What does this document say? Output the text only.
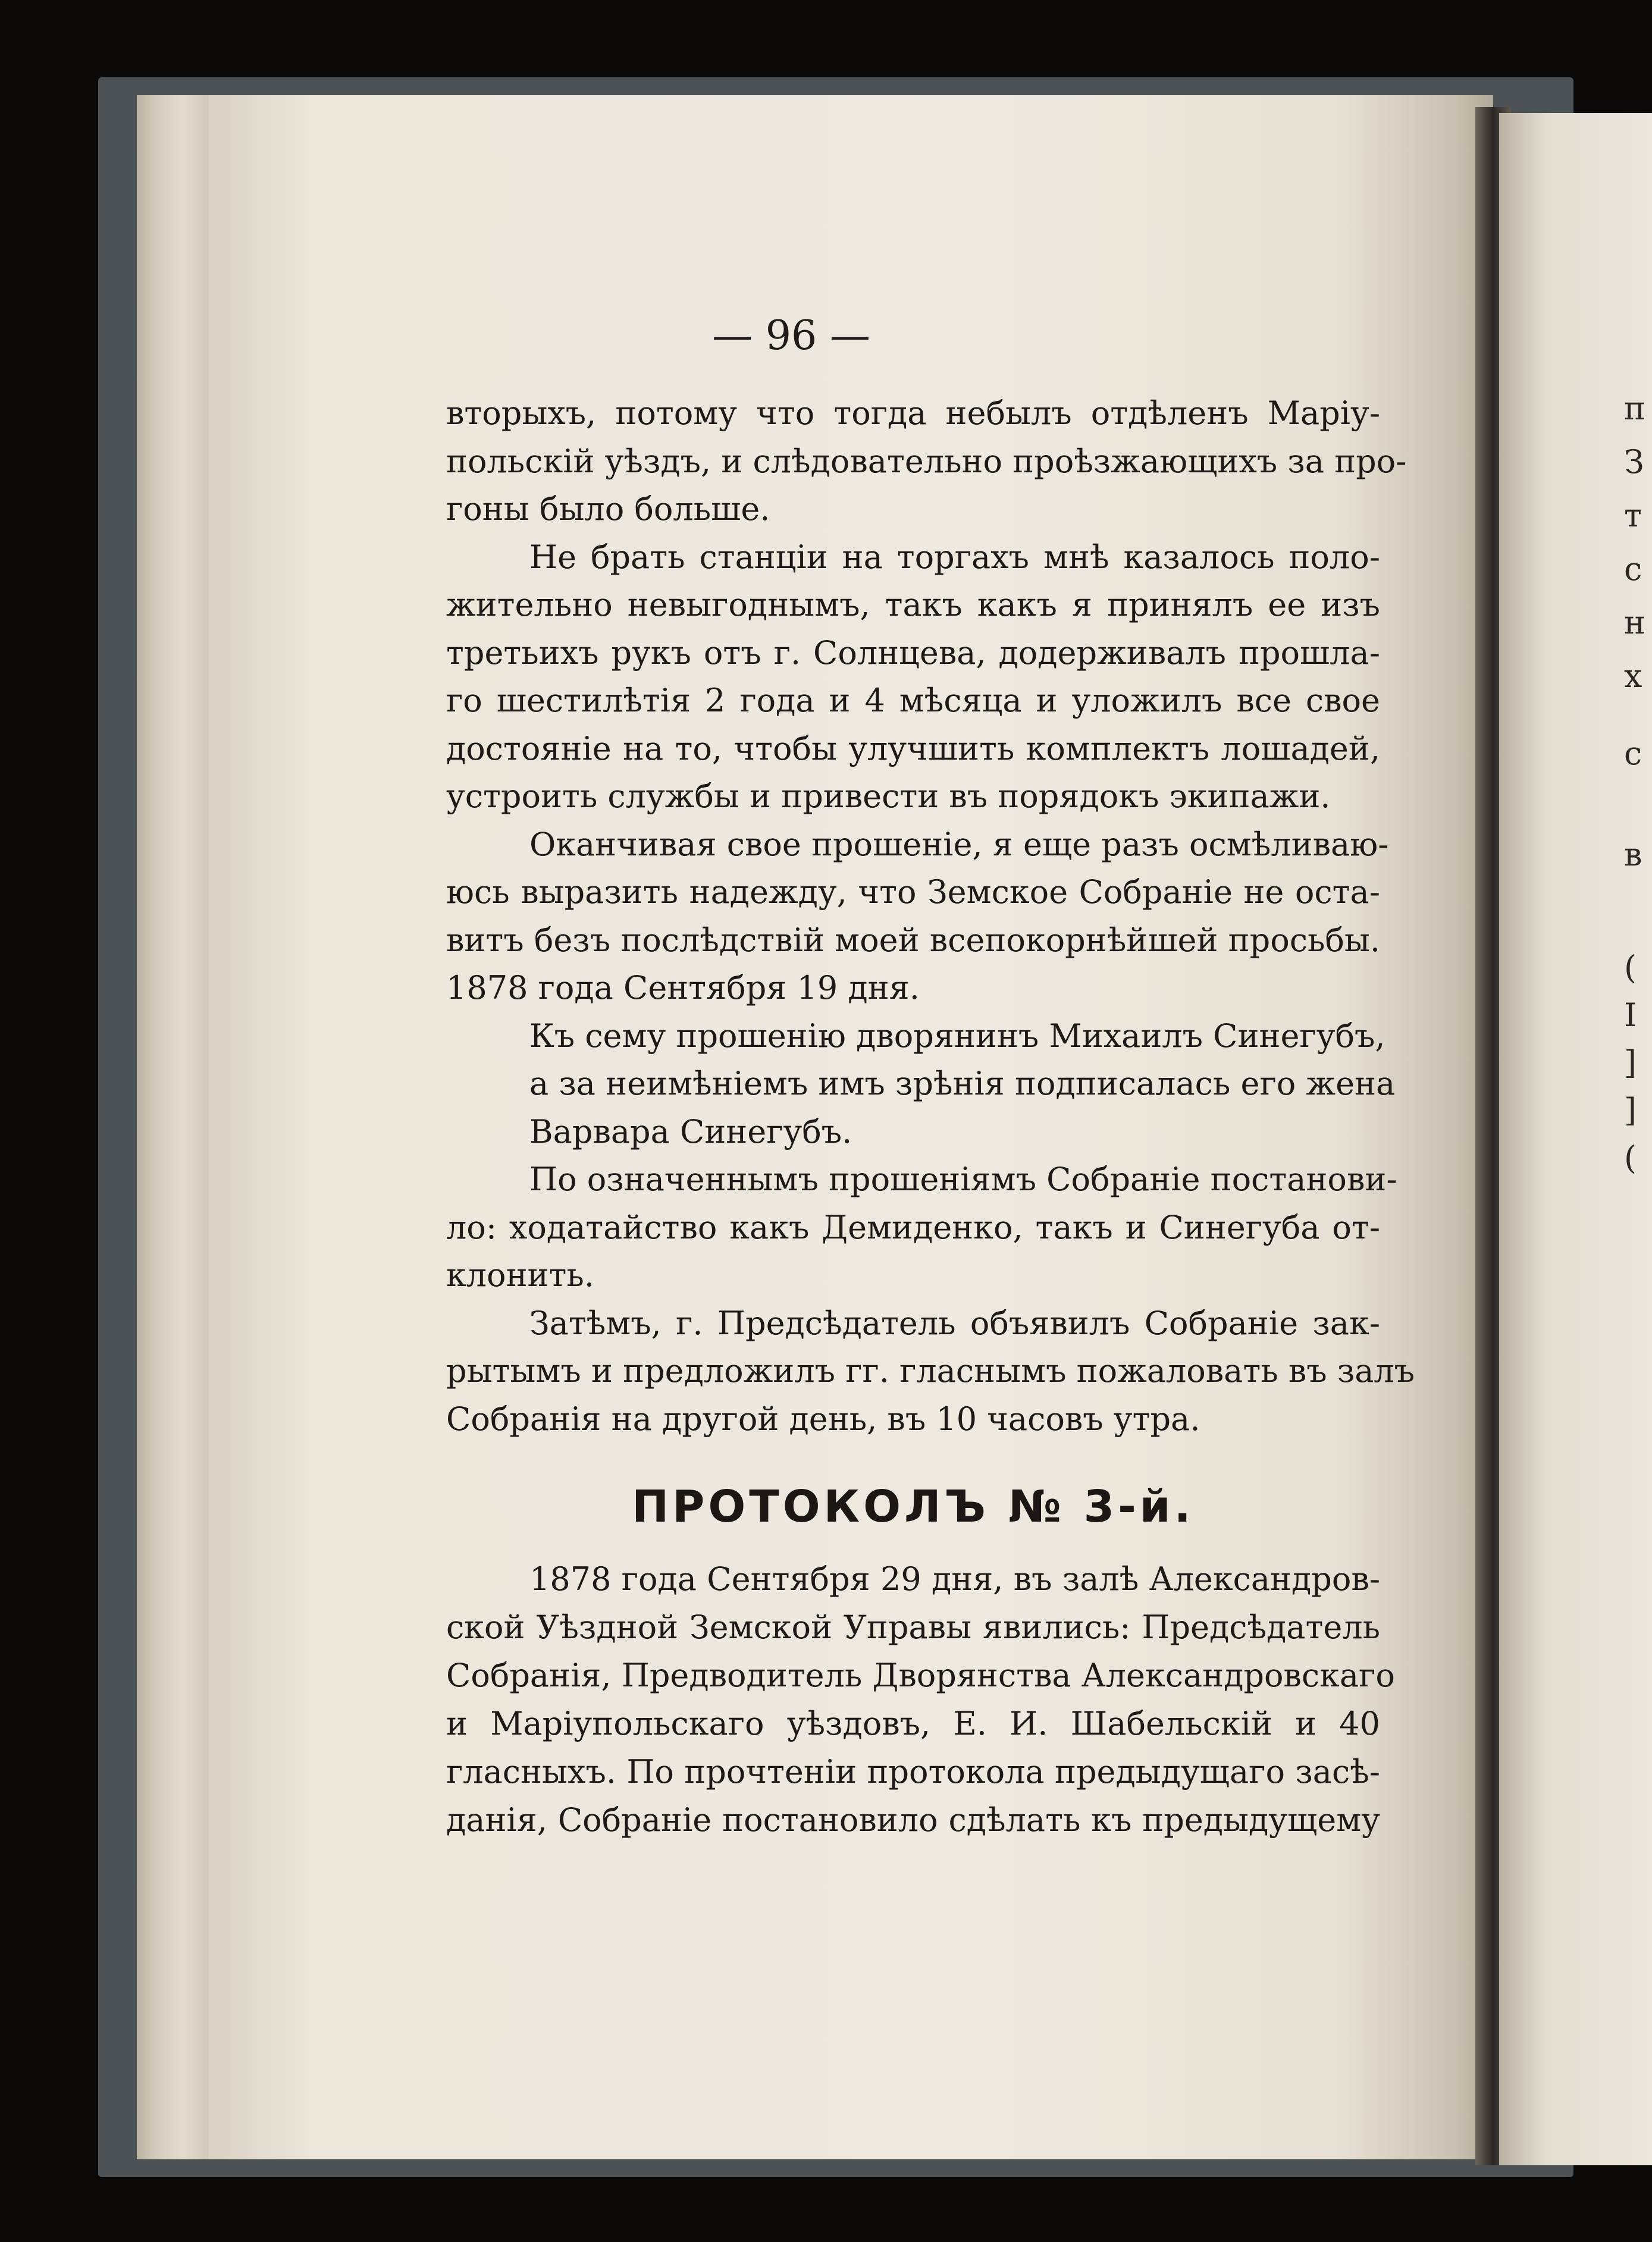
п
З
т
с
н
х
с
в
(
I
]
]
(
— 96 —
вторыхъ, потому что тогда небылъ отдѣленъ Маріу-
польскій уѣздъ, и слѣдовательно проѣзжающихъ за про-
гоны было больше.
Не брать станціи на торгахъ мнѣ казалось поло-
жительно невыгоднымъ, такъ какъ я принялъ ее изъ
третьихъ рукъ отъ г. Солнцева, додерживалъ прошла-
го шестилѣтія 2 года и 4 мѣсяца и уложилъ все свое
достояніе на то, чтобы улучшить комплектъ лошадей,
устроить службы и привести въ порядокъ экипажи.
Оканчивая свое прошеніе, я еще разъ осмѣливаю-
юсь выразить надежду, что Земское Собраніе не оста-
витъ безъ послѣдствій моей всепокорнѣйшей просьбы.
1878 года Сентября 19 дня.
Къ сему прошенію дворянинъ Михаилъ Синегубъ,
а за неимѣніемъ имъ зрѣнія подписалась его жена
Варвара Синегубъ.
По означеннымъ прошеніямъ Собраніе постанови-
ло: ходатайство какъ Демиденко, такъ и Синегуба от-
клонить.
Затѣмъ, г. Предсѣдатель объявилъ Собраніе зак-
рытымъ и предложилъ гг. гласнымъ пожаловать въ залъ
Собранія на другой день, въ 10 часовъ утра.
ПРОТОКОЛЪ № 3-й.
1878 года Сентября 29 дня, въ залѣ Александров-
ской Уѣздной Земской Управы явились: Предсѣдатель
Собранія, Предводитель Дворянства Александровскаго
и Маріупольскаго уѣздовъ, Е. И. Шабельскій и 40
гласныхъ. По прочтеніи протокола предыдущаго засѣ-
данія, Собраніе постановило сдѣлать къ предыдущему
